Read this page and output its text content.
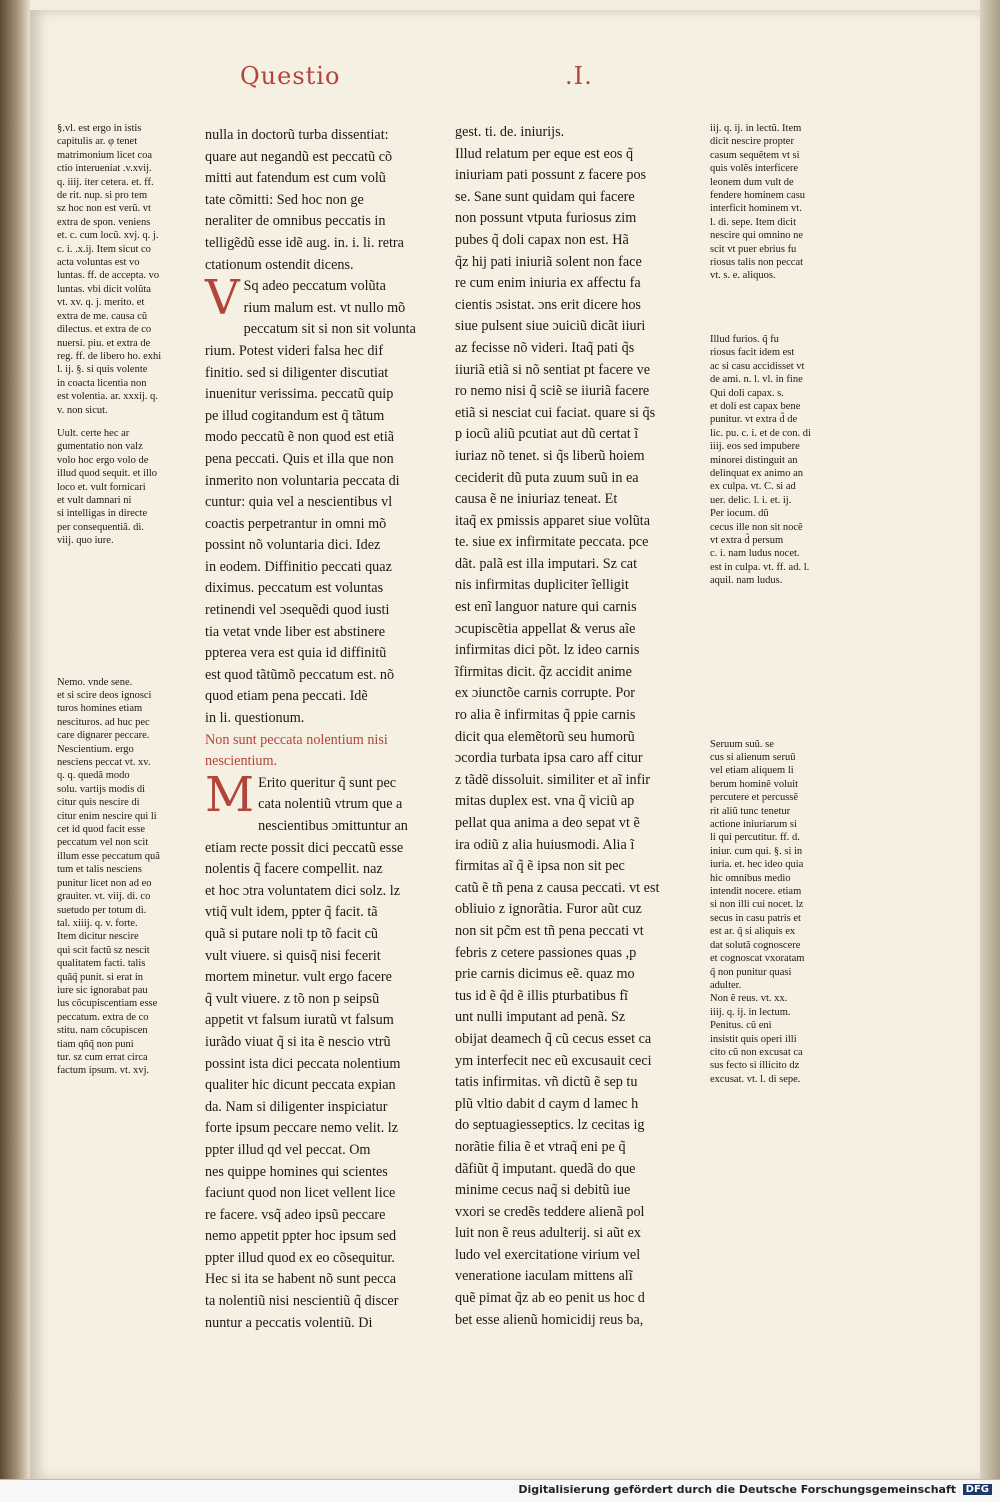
Questio	.I.

§.vl. est ergo in istis

capitulis ar. φ tenet

matrimonium licet coa

ctio interueniat .v.xvij.

q. iiij. iter cetera. et. ff.

de rit. nup. si pro tem

sz hoc non est verũ. vt

extra de spon. veniens

et. c. cum locũ. xvj. q. j.

c. i. .x.ij. Item sicut co

acta voluntas est vo

luntas. ff. de accepta. vo

luntas. vbi dicit volũta

vt. xv. q. j. merito. et

extra de me. causa cũ

dilectus. et extra de co

nuersi. piu. et extra de

reg. ff. de libero ho. exhi

l. ij. §. si quis volente

in coacta licentia non

est volentia. ar. xxxij. q.

v. non sicut.

Uult. certe hec ar

gumentatio non valz

volo hoc ergo volo de

illud quod sequit. et illo

loco et. vult fornicari

et vult damnari ni

si intelligas in directe

per consequentiã. di.

viij. quo iure.

Nemo. vnde sene.

et si scire deos ignosci

turos homines etiam

nescituros. ad huc pec

care dignarer peccare.

Nescientium. ergo

nesciens peccat vt. xv.

q. q. quedã modo

solu. vartijs modis di

citur quis nescire di

citur enim nescire qui li

cet id quod facit esse

peccatum vel non scit

illum esse peccatum quã

tum et talis nesciens

punitur licet non ad eo

grauiter. vt. viij. di. co

suetudo per totum di.

tal. xiiij. q. v. forte.

Item dicitur nescire

qui scit factũ sz nescit

qualitatem facti. talis

quãq̃ punit. si erat in

iure sic ignorabat pau

lus cõcupiscentiam esse

peccatum. extra de co

stitu. nam cõcupiscen

tiam qñq̃ non puni

tur. sz cum errat circa

factum ipsum. vt. xvj.

nulla in doctorũ turba dissentiat:

quare aut negandũ est peccatũ cõ

mitti aut fatendum est cum volũ

tate cõmitti: Sed hoc non ge

neraliter de omnibus peccatis in

telligẽdũ esse idẽ aug. in. i. li. retra

ctationum ostendit dicens.

V Sq adeo peccatum volũta

rium malum est. vt nullo mõ

peccatum sit si non sit volunta

rium. Potest videri falsa hec dif

finitio. sed si diligenter discutiat

inuenitur verissima. peccatũ quip

pe illud cogitandum est q̃ tãtum

modo peccatũ ẽ non quod est etiã

pena peccati. Quis et illa que non

inmerito non voluntaria peccata di

cuntur: quia vel a nescientibus vl

coactis perpetrantur in omni mõ

possint nõ voluntaria dici. Idez

in eodem. Diffinitio peccati quaz

diximus. peccatum est voluntas

retinendi vel ɔsequẽdi quod iusti

tia vetat vnde liber est abstinere

ppterea vera est quia id diffinitũ

est quod tãtũmõ peccatum est. nõ

quod etiam pena peccati. Idẽ

in li. questionum.

Non sunt peccata nolentium nisi

nescientium.

M Erito queritur q̃ sunt pec

cata nolentiũ vtrum que a

nescientibus ɔmittuntur an

etiam recte possit dici peccatũ esse

nolentis q̃ facere compellit. naz

et hoc ɔtra voluntatem dici solz. lz

vtiq̃ vult idem, ppter q̃ facit. tã

quã si putare noli tp tõ facit cũ

vult viuere. si quisq̃ nisi fecerit

mortem minetur. vult ergo facere

q̃ vult viuere. z tõ non p seipsũ

appetit vt falsum iuratũ vt falsum

iurãdo viuat q̃ si ita ẽ nescio vtrũ

possint ista dici peccata nolentium

qualiter hic dicunt peccata expian

da. Nam si diligenter inspiciatur

forte ipsum peccare nemo velit. lz

ppter illud qd vel peccat. Om

nes quippe homines qui scientes

faciunt quod non licet vellent lice

re facere. vsq̃ adeo ipsũ peccare

nemo appetit ppter hoc ipsum sed

ppter illud quod ex eo cõsequitur.

Hec si ita se habent nõ sunt pecca

ta nolentiũ nisi nescientiũ q̃ discer

nuntur a peccatis volentiũ. Di

gest. ti. de. iniurijs.

Illud relatum per eque est eos q̃

iniuriam pati possunt z facere pos

se. Sane sunt quidam qui facere

non possunt vtputa furiosus zim

pubes q̃ doli capax non est. Hã

q̃z hij pati iniuriã solent non face

re cum enim iniuria ex affectu fa

cientis ɔsistat. ɔns erit dicere hos

siue pulsent siue ɔuiciũ dicãt iiuri

az fecisse nõ videri. Itaq̃ pati q̃s

iiuriã etiã si nõ sentiat pt facere ve

ro nemo nisi q̃ sciẽ se iiuriã facere

etiã si nesciat cui faciat. quare si q̃s

p iocũ aliũ pcutiat aut dũ certat ĩ

iuriaz nõ tenet. si q̃s liberũ hoiem

ceciderit dũ puta zuum suũ in ea

causa ẽ ne iniuriaz teneat. Et

itaq̃ ex pmissis apparet siue volũta

te. siue ex infirmitate peccata. pce

dãt. palã est illa imputari. Sz cat

nis infirmitas dupliciter ĩelligit

est enĩ languor nature qui carnis

ɔcupiscẽtia appellat & verus aĩe

infirmitas dici põt. lz ideo carnis

ĩfirmitas dicit. q̃z accidit anime

ex ɔiunctõe carnis corrupte. Por

ro alia ẽ infirmitas q̃ ppie carnis

dicit qua elemẽtorũ seu humorũ

ɔcordia turbata ipsa caro aff citur

z tãdẽ dissoluit. similiter et aĩ infir

mitas duplex est. vna q̃ viciũ ap

pellat qua anima a deo sepat vt ẽ

ira odiũ z alia huiusmodi. Alia ĩ

firmitas aĩ q̃ ẽ ipsa non sit pec

catũ ẽ tñ pena z causa peccati. vt est

obliuio z ignorãtia. Furor aũt cuz

non sit pc̃m est tñ pena peccati vt

febris z cetere passiones quas ,p

prie carnis dicimus eẽ. quaz mo

tus id ẽ q̃d ẽ illis pturbatibus fĩ

unt nulli imputant ad penã. Sz

obijat deamech q̃ cũ cecus esset ca

ym interfecit nec eũ excusauit ceci

tatis infirmitas. vñ dictũ ẽ sep tu

plũ vltio dabit d caym d lamec h

do septuagiesseptics. lz cecitas ig

norãtie filia ẽ et vtraq̃ eni pe q̃

dãfiũt q̃ imputant. quedã do que

minime cecus naq̃ si debitũ iue

vxori se credẽs teddere alienã pol

luit non ẽ reus adulterij. si aũt ex

ludo vel exercitatione virium vel

veneratione iaculam mittens alĩ

quẽ pimat q̃z ab eo penit us hoc d

bet esse alienũ homicidij reus ba,

iij. q. ij. in lectũ. Item

dicit nescire propter

casum sequẽtem vt si

quis volẽs interficere

leonem dum vult de

fendere hominem casu

interficit hominem vt.

l. di. sepe. Item dicit

nescire qui omnino ne

scit vt puer ebrius fu

riosus talis non peccat

vt. s. e. aliquos.

Illud furios. q̃ fu

riosus facit idem est

ac si casu accidisset vt

de ami. n. l. vl. in fine

Qui doli capax. s.

et doli est capax bene

punitur. vt extra d̃ de

lic. pu. c. i. et de con. di

iiij. eos sed impubere

minorei distinguit an

delinquat ex animo an

ex culpa. vt. C. si ad

uer. delic. l. i. et. ij.

Per iocum. dũ

cecus ille non sit nocẽ

vt extra d̃ persum

c. i. nam ludus nocet.

est in culpa. vt. ff. ad. l.

aquil. nam ludus.

Seruum suũ. se

cus si alienum seruũ

vel etiam aliquem li

berum hominẽ voluit

percutere et percussẽ

rit aliũ tunc tenetur

actione iniuriarum si

li qui percutitur. ff. d.

iniur. cum qui. §. si in

iuria. et. hec ideo quia

hic omnibus medio

intendit nocere. etiam

si non illi cui nocet. lz

secus in casu patris et

est ar. q̃ si aliquis ex

dat solutã cognoscere

et cognoscat vxoratam

q̃ non punitur quasi

adulter.

Non ẽ reus. vt. xx.

iiij. q. ij. in lectum.

Penitus. cũ eni

insistit quis operi illi

cito cũ non excusat ca

sus fecto si illicito dz

excusat. vt. l. di sepe.

Digitalisierung gefördert durch die Deutsche Forschungsgemeinschaft DFG
